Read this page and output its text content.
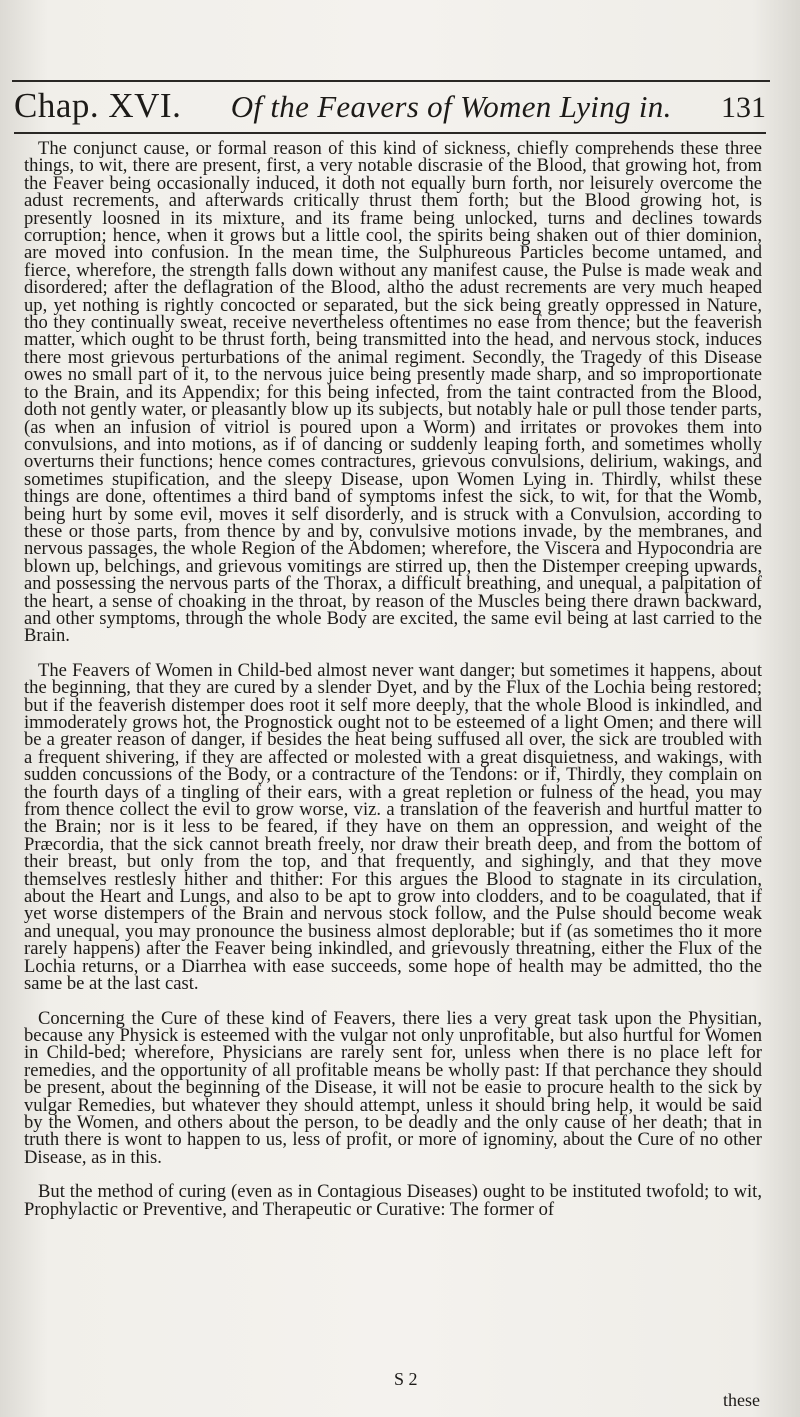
Chap. XVI. Of the Feavers of Women Lying in. 131

The conjunct cause, or formal reason of this kind of sickness, chiefly comprehends these three things, to wit, there are present, first, a very notable discrasie of the Blood, that growing hot, from the Feaver being occasionally induced, it doth not equally burn forth, nor leisurely overcome the adust recrements, and afterwards critically thrust them forth; but the Blood growing hot, is presently loosned in its mixture, and its frame being unlocked, turns and declines towards corruption; hence, when it grows but a little cool, the spirits being shaken out of thier dominion, are moved into confusion. In the mean time, the Sulphureous Particles become untamed, and fierce, wherefore, the strength falls down without any manifest cause, the Pulse is made weak and disordered; after the deflagration of the Blood, altho the adust recrements are very much heaped up, yet nothing is rightly concocted or separated, but the sick being greatly oppressed in Nature, tho they continually sweat, receive nevertheless oftentimes no ease from thence; but the feaverish matter, which ought to be thrust forth, being transmitted into the head, and nervous stock, induces there most grievous perturbations of the animal regiment. Secondly, the Tragedy of this Disease owes no small part of it, to the nervous juice being presently made sharp, and so improportionate to the Brain, and its Appendix; for this being infected, from the taint contracted from the Blood, doth not gently water, or pleasantly blow up its subjects, but notably hale or pull those tender parts, (as when an infusion of vitriol is poured upon a Worm) and irritates or provokes them into convulsions, and into motions, as if of dancing or suddenly leaping forth, and sometimes wholly overturns their functions; hence comes contractures, grievous convulsions, delirium, wakings, and sometimes stupification, and the sleepy Disease, upon Women Lying in. Thirdly, whilst these things are done, oftentimes a third band of symptoms infest the sick, to wit, for that the Womb, being hurt by some evil, moves it self disorderly, and is struck with a Convulsion, according to these or those parts, from thence by and by, convulsive motions invade, by the membranes, and nervous passages, the whole Region of the Abdomen; wherefore, the Viscera and Hypocondria are blown up, belchings, and grievous vomitings are stirred up, then the Distemper creeping upwards, and possessing the nervous parts of the Thorax, a difficult breathing, and unequal, a palpitation of the heart, a sense of choaking in the throat, by reason of the Muscles being there drawn backward, and other symptoms, through the whole Body are excited, the same evil being at last carried to the Brain.

The Feavers of Women in Child-bed almost never want danger; but sometimes it happens, about the beginning, that they are cured by a slender Dyet, and by the Flux of the Lochia being restored; but if the feaverish distemper does root it self more deeply, that the whole Blood is inkindled, and immoderately grows hot, the Prognostick ought not to be esteemed of a light Omen; and there will be a greater reason of danger, if besides the heat being suffused all over, the sick are troubled with a frequent shivering, if they are affected or molested with a great disquietness, and wakings, with sudden concussions of the Body, or a contracture of the Tendons: or if, Thirdly, they complain on the fourth days of a tingling of their ears, with a great repletion or fulness of the head, you may from thence collect the evil to grow worse, viz. a translation of the feaverish and hurtful matter to the Brain; nor is it less to be feared, if they have on them an oppression, and weight of the Præcordia, that the sick cannot breath freely, nor draw their breath deep, and from the bottom of their breast, but only from the top, and that frequently, and sighingly, and that they move themselves restlesly hither and thither: For this argues the Blood to stagnate in its circulation, about the Heart and Lungs, and also to be apt to grow into clodders, and to be coagulated, that if yet worse distempers of the Brain and nervous stock follow, and the Pulse should become weak and unequal, you may pronounce the business almost deplorable; but if (as sometimes tho it more rarely happens) after the Feaver being inkindled, and grievously threatning, either the Flux of the Lochia returns, or a Diarrhea with ease succeeds, some hope of health may be admitted, tho the same be at the last cast.

Concerning the Cure of these kind of Feavers, there lies a very great task upon the Physitian, because any Physick is esteemed with the vulgar not only unprofitable, but also hurtful for Women in Child-bed; wherefore, Physicians are rarely sent for, unless when there is no place left for remedies, and the opportunity of all profitable means be wholly past: If that perchance they should be present, about the beginning of the Disease, it will not be easie to procure health to the sick by vulgar Remedies, but whatever they should attempt, unless it should bring help, it would be said by the Women, and others about the person, to be deadly and the only cause of her death; that in truth there is wont to happen to us, less of profit, or more of ignominy, about the Cure of no other Disease, as in this.

But the method of curing (even as in Contagious Diseases) ought to be instituted twofold; to wit, Prophylactic or Preventive, and Therapeutic or Curative: The former of

S 2
these
